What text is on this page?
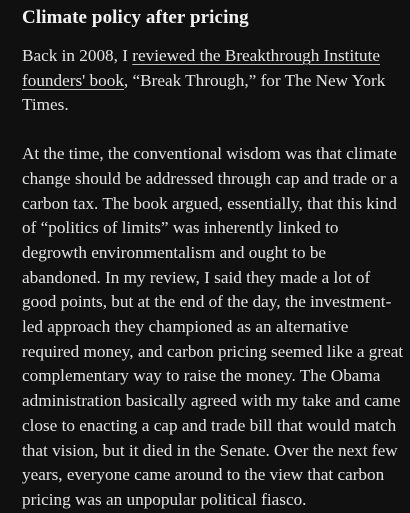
Climate policy after pricing

Back in 2008, I reviewed the Breakthrough Institute founders' book, “Break Through,” for The New York Times.

At the time, the conventional wisdom was that climate change should be addressed through cap and trade or a carbon tax. The book argued, essentially, that this kind of “politics of limits” was inherently linked to degrowth environmentalism and ought to be abandoned. In my review, I said they made a lot of good points, but at the end of the day, the investment-led approach they championed as an alternative required money, and carbon pricing seemed like a great complementary way to raise the money. The Obama administration basically agreed with my take and came close to enacting a cap and trade bill that would match that vision, but it died in the Senate. Over the next few years, everyone came around to the view that carbon pricing was an unpopular political fiasco.
